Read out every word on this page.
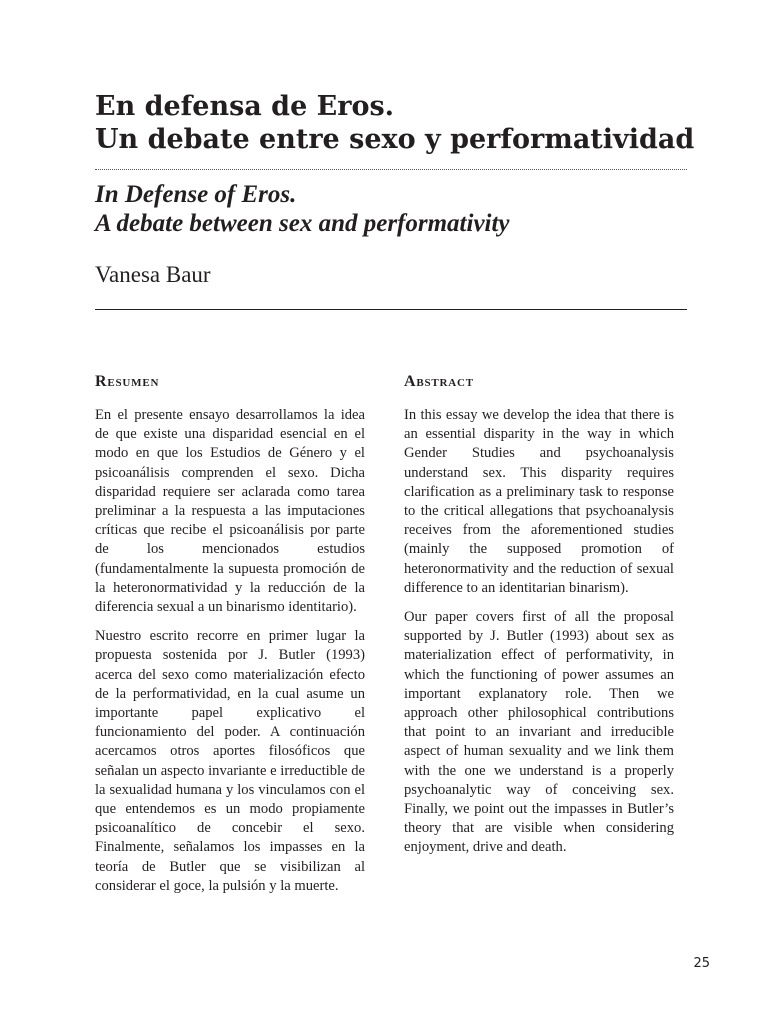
En defensa de Eros.
Un debate entre sexo y performatividad
In Defense of Eros.
A debate between sex and performativity
Vanesa Baur
Resumen

En el presente ensayo desarrollamos la idea de que existe una disparidad esencial en el modo en que los Estudios de Género y el psicoanálisis comprenden el sexo. Dicha disparidad requiere ser aclarada como tarea preliminar a la respuesta a las imputaciones críticas que recibe el psicoanálisis por parte de los mencionados estudios (fundamentalmente la supuesta promoción de la heteronormatividad y la reducción de la diferencia sexual a un binarismo identitario).

Nuestro escrito recorre en primer lugar la propuesta sostenida por J. Butler (1993) acerca del sexo como materialización efecto de la performatividad, en la cual asume un importante papel explicativo el funcionamiento del poder. A continuación acercamos otros aportes filosóficos que señalan un aspecto invariante e irreductible de la sexualidad humana y los vinculamos con el que entendemos es un modo propiamente psicoanalítico de concebir el sexo. Finalmente, señalamos los impasses en la teoría de Butler que se visibilizan al considerar el goce, la pulsión y la muerte.

Abstract

In this essay we develop the idea that there is an essential disparity in the way in which Gender Studies and psychoanalysis understand sex. This disparity requires clarification as a preliminary task to response to the critical allegations that psychoanalysis receives from the aforementioned studies (mainly the supposed promotion of heteronormativity and the reduction of sexual difference to an identitarian binarism).

Our paper covers first of all the proposal supported by J. Butler (1993) about sex as materialization effect of performativity, in which the functioning of power assumes an important explanatory role. Then we approach other philosophical contributions that point to an invariant and irreducible aspect of human sexuality and we link them with the one we understand is a properly psychoanalytic way of conceiving sex. Finally, we point out the impasses in Butler’s theory that are visible when considering enjoyment, drive and death.

25
